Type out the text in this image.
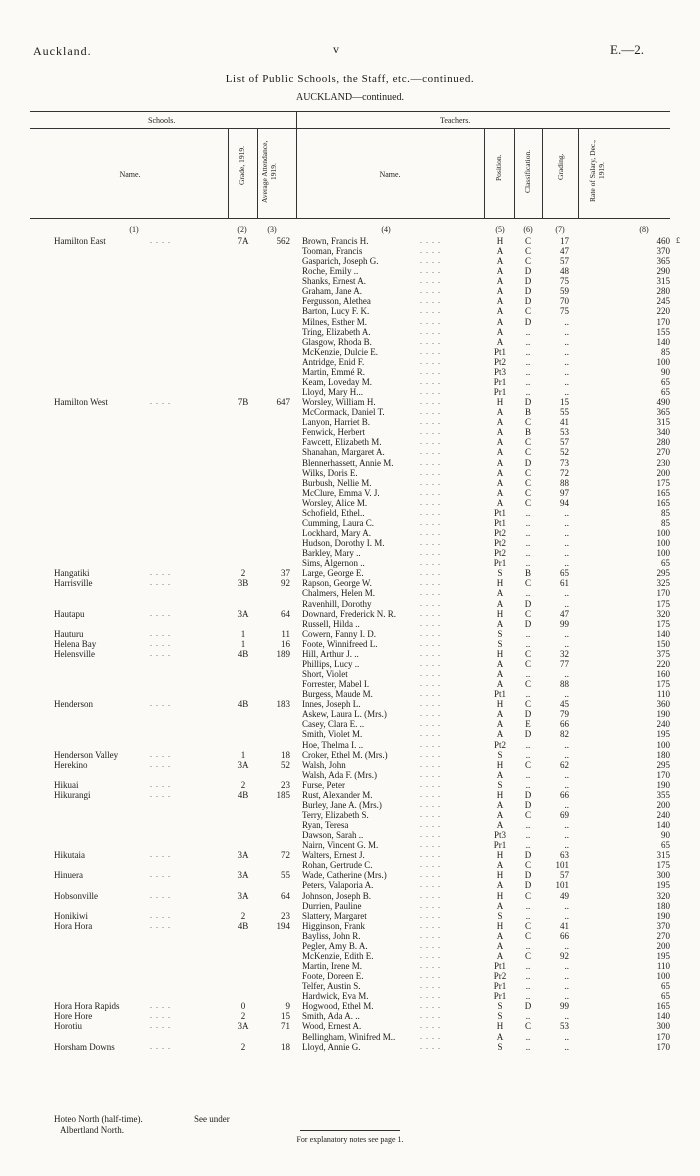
Auckland.	v	E.—2.
List of Public Schools, the Staff, etc.—continued.
AUCKLAND—continued.
Schools.	Teachers.
Name.	Grade, 1919. Average Attendance, 1919.	Name.	Position.	Classification.	Grading.	Rate of Salary, Dec., 1919.
(1)	(2)	(3)	(4)	(5)	(6)	(7)	(8)
£
Hamilton East	7A	562 Brown, Francis H.	H	C	17	460
. . . .	. . . .
Tooman, Francis	A	C	47	370
. . . .
Gasparich, Joseph G.	A	C	57	365
. . . .
Roche, Emily ..	A	D	48	290
. . . .
Shanks, Ernest A.	A	D	75	315
. . . .
Graham, Jane A.	A	D	59	280
. . . .
Fergusson, Alethea	A	D	70	245
. . . .
Barton, Lucy F. K.	A	C	75	220
. . . .
Milnes, Esther M.	A	D	..	170
. . . .
Tring, Elizabeth A.	A	..	..	155
. . . .
Glasgow, Rhoda B.	A	..	..	140
. . . .
McKenzie, Dulcie E.	Pt1	..	..	85
. . . .
Antridge, Enid F.	Pt2	..	..	100
. . . .
Martin, Emmé R.	Pt3	..	..	90
. . . .
Keam, Loveday M.	Pr1	..	..	65
. . . .
Lloyd, Mary H...	Pr1	..	..	65
. . . .
Hamilton West	7B	647 Worsley, William H.	H	D	15	490
. . . .	. . . .
McCormack, Daniel T.	A	B	55	365
. . . .
Lanyon, Harriet B.	A	C	41	315
. . . .
Fenwick, Herbert	A	B	53	340
. . . .
Fawcett, Elizabeth M.	A	C	57	280
. . . .
Shanahan, Margaret A.	A	C	52	270
. . . .
Blennerhassett, Annie M.	A	D	73	230
. . . .
Wilks, Doris E.	A	C	72	200
. . . .
Burbush, Nellie M.	A	C	88	175
. . . .
McClure, Emma V. J.	A	C	97	165
. . . .
Worsley, Alice M.	A	C	94	165
. . . .
Schofield, Ethel..	Pt1	..	..	85
. . . .
Cumming, Laura C.	Pt1	..	..	85
. . . .
Lockhard, Mary A.	Pt2	..	..	100
. . . .
Hudson, Dorothy I. M.	Pt2	..	..	100
. . . .
Barkley, Mary ..	Pt2	..	..	100
. . . .
Sims, Algernon ..	Pr1	..	..	65
. . . .
Hangatiki	2	37 Large, George E.	S	B	65	295
. . . .	. . . .
Harrisville	3B	92 Rapson, George W.	H	C	61	325
. . . .	. . . .
Chalmers, Helen M.	A	..	..	170
. . . .
Ravenhill, Dorothy	A	D	..	175
. . . .
Hautapu	3A	64 Downard, Frederick N. R.	H	C	47	320
. . . .	. . . .
Russell, Hilda ..	A	D	99	175
. . . .
Hauturu	1	11 Cowern, Fanny I. D.	S	..	..	140
. . . .	. . . .
Helena Bay	1	16 Foote, Winnifreed L.	S	..	..	150
. . . .	. . . .
Helensville	4B	189 Hill, Arthur J. ..	H	C	32	375
. . . .	. . . .
Phillips, Lucy ..	A	C	77	220
. . . .
Short, Violet	A	..	..	160
. . . .
Forrester, Mabel I.	A	C	88	175
. . . .
Burgess, Maude M.	Pt1	..	..	110
. . . .
Henderson	4B	183 Innes, Joseph L.	H	C	45	360
. . . .	. . . .
Askew, Laura L. (Mrs.)	A	D	79	190
. . . .
Casey, Clara E. ..	A	E	66	240
. . . .
Smith, Violet M.	A	D	82	195
. . . .
Hoe, Thelma I. ..	Pt2	..	..	100
. . . .
Henderson Valley	1	18 Croker, Ethel M. (Mrs.)	S	..	..	180
. . . .	. . . .
Herekino	3A	52 Walsh, John	H	C	62	295
. . . .	. . . .
Walsh, Ada F. (Mrs.)	A	..	..	170
. . . .
Hikuai	2	23 Furse, Peter	S	..	..	190
. . . .	. . . .
Hikurangi	4B	185 Rust, Alexander M.	H	D	66	355
. . . .	. . . .
Burley, Jane A. (Mrs.)	A	D	..	200
. . . .
Terry, Elizabeth S.	A	C	69	240
. . . .
Ryan, Teresa	A	..	..	140
. . . .
Dawson, Sarah ..	Pt3	..	..	90
. . . .
Nairn, Vincent G. M.	Pr1	..	..	65
. . . .
Hikutaia	3A	72 Walters, Ernest J.	H	D	63	315
. . . .	. . . .
Rohan, Gertrude C.	A	C	101	175
. . . .
Hinuera	3A	55 Wade, Catherine (Mrs.)	H	D	57	300
. . . .	. . . .
Peters, Valaporia A.	A	D	101	195
. . . .
Hobsonville	3A	64 Johnson, Joseph B.	H	C	49	320
. . . .	. . . .
Durrien, Pauline	A	..	..	180
. . . .
Honikiwi	2	23 Slattery, Margaret	S	..	..	190
. . . .	. . . .
Hora Hora	4B	194 Higginson, Frank	H	C	41	370
. . . .	. . . .
Bayliss, John R.	A	C	66	270
. . . .
Pegler, Amy B. A.	A	..	..	200
. . . .
McKenzie, Edith E.	A	C	92	195
. . . .
Martin, Irene M.	Pt1	..	..	110
. . . .
Foote, Doreen E.	Pr2	..	..	100
. . . .
Telfer, Austin S.	Pr1	..	..	65
. . . .
Hardwick, Eva M.	Pr1	..	..	65
. . . .
Hora Hora Rapids	0	9 Hogwood, Ethel M.	S	D	99	165
. . . .	. . . .
Hore Hore	2	15 Smith, Ada A. ..	S	..	..	140
. . . .	. . . .
Horotiu	3A	71 Wood, Ernest A.	H	C	53	300
. . . .	. . . .
Bellingham, Winifred M..	A	..	..	170
. . . .
Horsham Downs	2	18 Lloyd, Annie G.	S	..	..	170
. . . .	. . . .
Hoteo North (half-time).	See under
Albertland North.
For explanatory notes see page 1.
